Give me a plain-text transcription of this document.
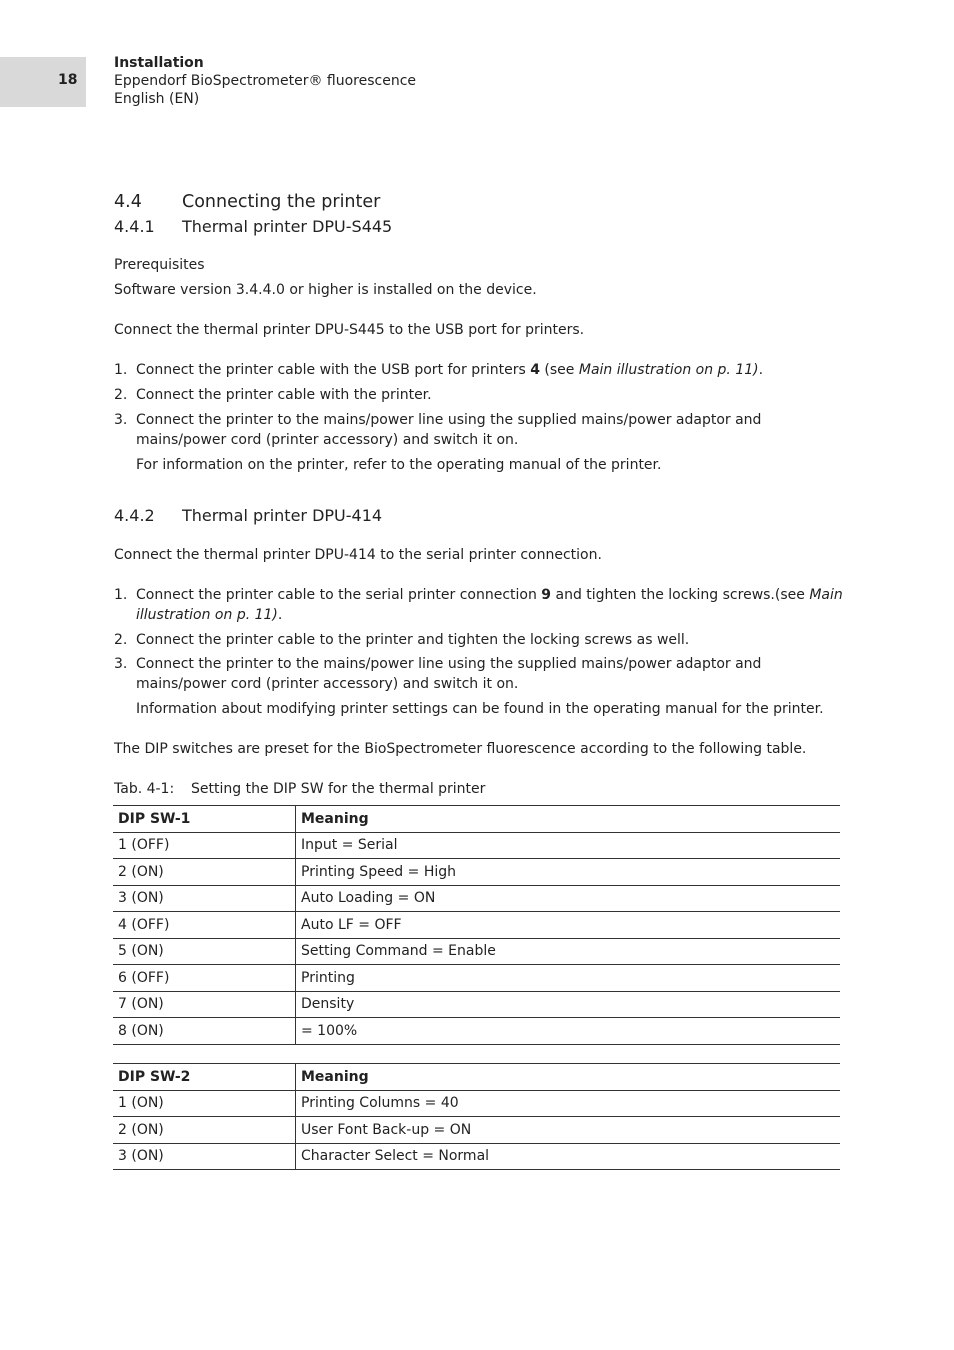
18
Installation
Eppendorf BioSpectrometer® fluorescence
English (EN)
4.4 Connecting the printer
4.4.1 Thermal printer DPU-S445
Prerequisites
Software version 3.4.4.0 or higher is installed on the device.
Connect the thermal printer DPU-S445 to the USB port for printers.
1. Connect the printer cable with the USB port for printers 4 (see Main illustration on p. 11).
2. Connect the printer cable with the printer.
3. Connect the printer to the mains/power line using the supplied mains/power adaptor and mains/power cord (printer accessory) and switch it on.
For information on the printer, refer to the operating manual of the printer.
4.4.2 Thermal printer DPU-414
Connect the thermal printer DPU-414 to the serial printer connection.
1. Connect the printer cable to the serial printer connection 9 and tighten the locking screws.(see Main illustration on p. 11).
2. Connect the printer cable to the printer and tighten the locking screws as well.
3. Connect the printer to the mains/power line using the supplied mains/power adaptor and mains/power cord (printer accessory) and switch it on.
Information about modifying printer settings can be found in the operating manual for the printer.
The DIP switches are preset for the BioSpectrometer fluorescence according to the following table.
Tab. 4-1: Setting the DIP SW for the thermal printer
DIP SW-1	Meaning
1 (OFF)	Input = Serial
2 (ON)	Printing Speed = High
3 (ON)	Auto Loading = ON
4 (OFF)	Auto LF = OFF
5 (ON)	Setting Command = Enable
6 (OFF)	Printing
7 (ON)	Density
8 (ON)	= 100%
DIP SW-2	Meaning
1 (ON)	Printing Columns = 40
2 (ON)	User Font Back-up = ON
3 (ON)	Character Select = Normal
